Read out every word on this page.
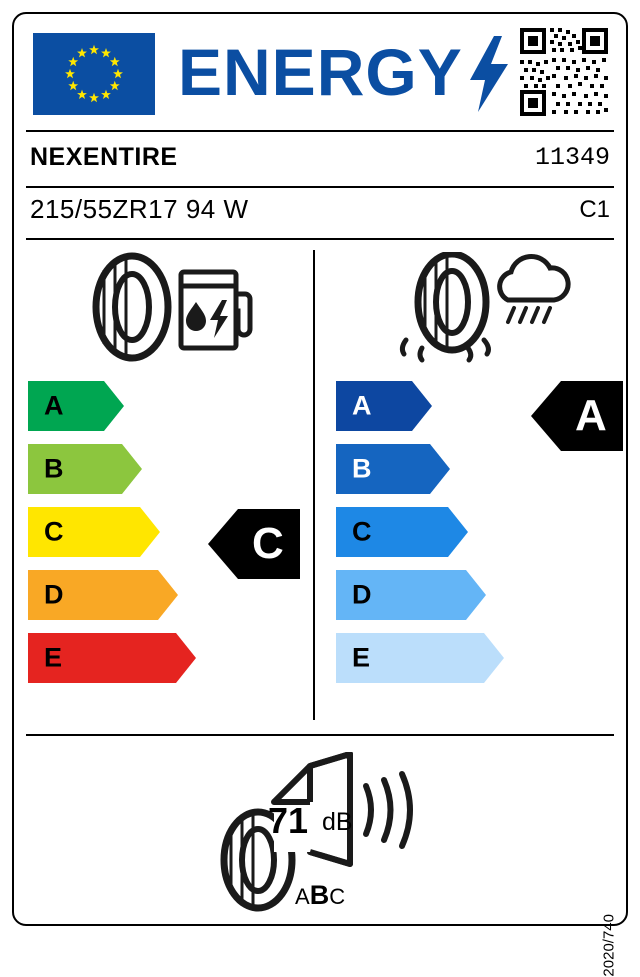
ENERGY
NEXENTIRE	11349
215/55ZR17 94 W	C1
A
B
C
D
E
A
B
C
D
E
71 dB
ABC
2020/740
C
A
